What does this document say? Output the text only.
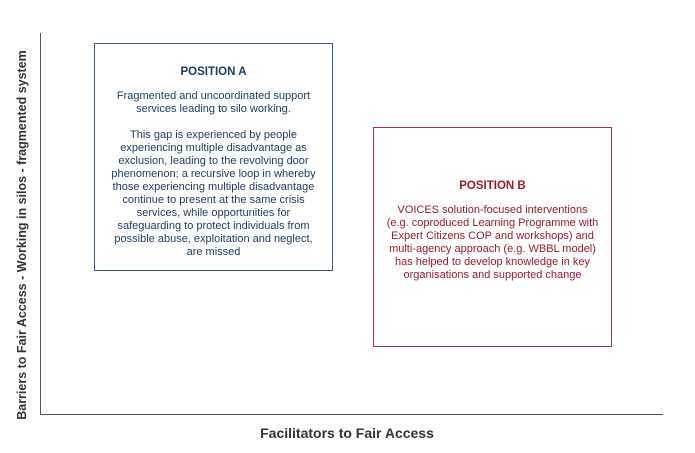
Barriers to Fair Access - Working in silos - fragmented system
Facilitators to Fair Access
POSITION A
Fragmented and uncoordinated support services leading to silo working.
This gap is experienced by people experiencing multiple disadvantage as exclusion, leading to the revolving door phenomenon; a recursive loop in whereby those experiencing multiple disadvantage continue to present at the same crisis services, while opportunities for safeguarding to protect individuals from possible abuse, exploitation and neglect, are missed
POSITION B
VOICES solution-focused interventions (e.g. coproduced Learning Programme with Expert Citizens COP and workshops) and multi-agency approach (e.g. WBBL model) has helped to develop knowledge in key organisations and supported change
